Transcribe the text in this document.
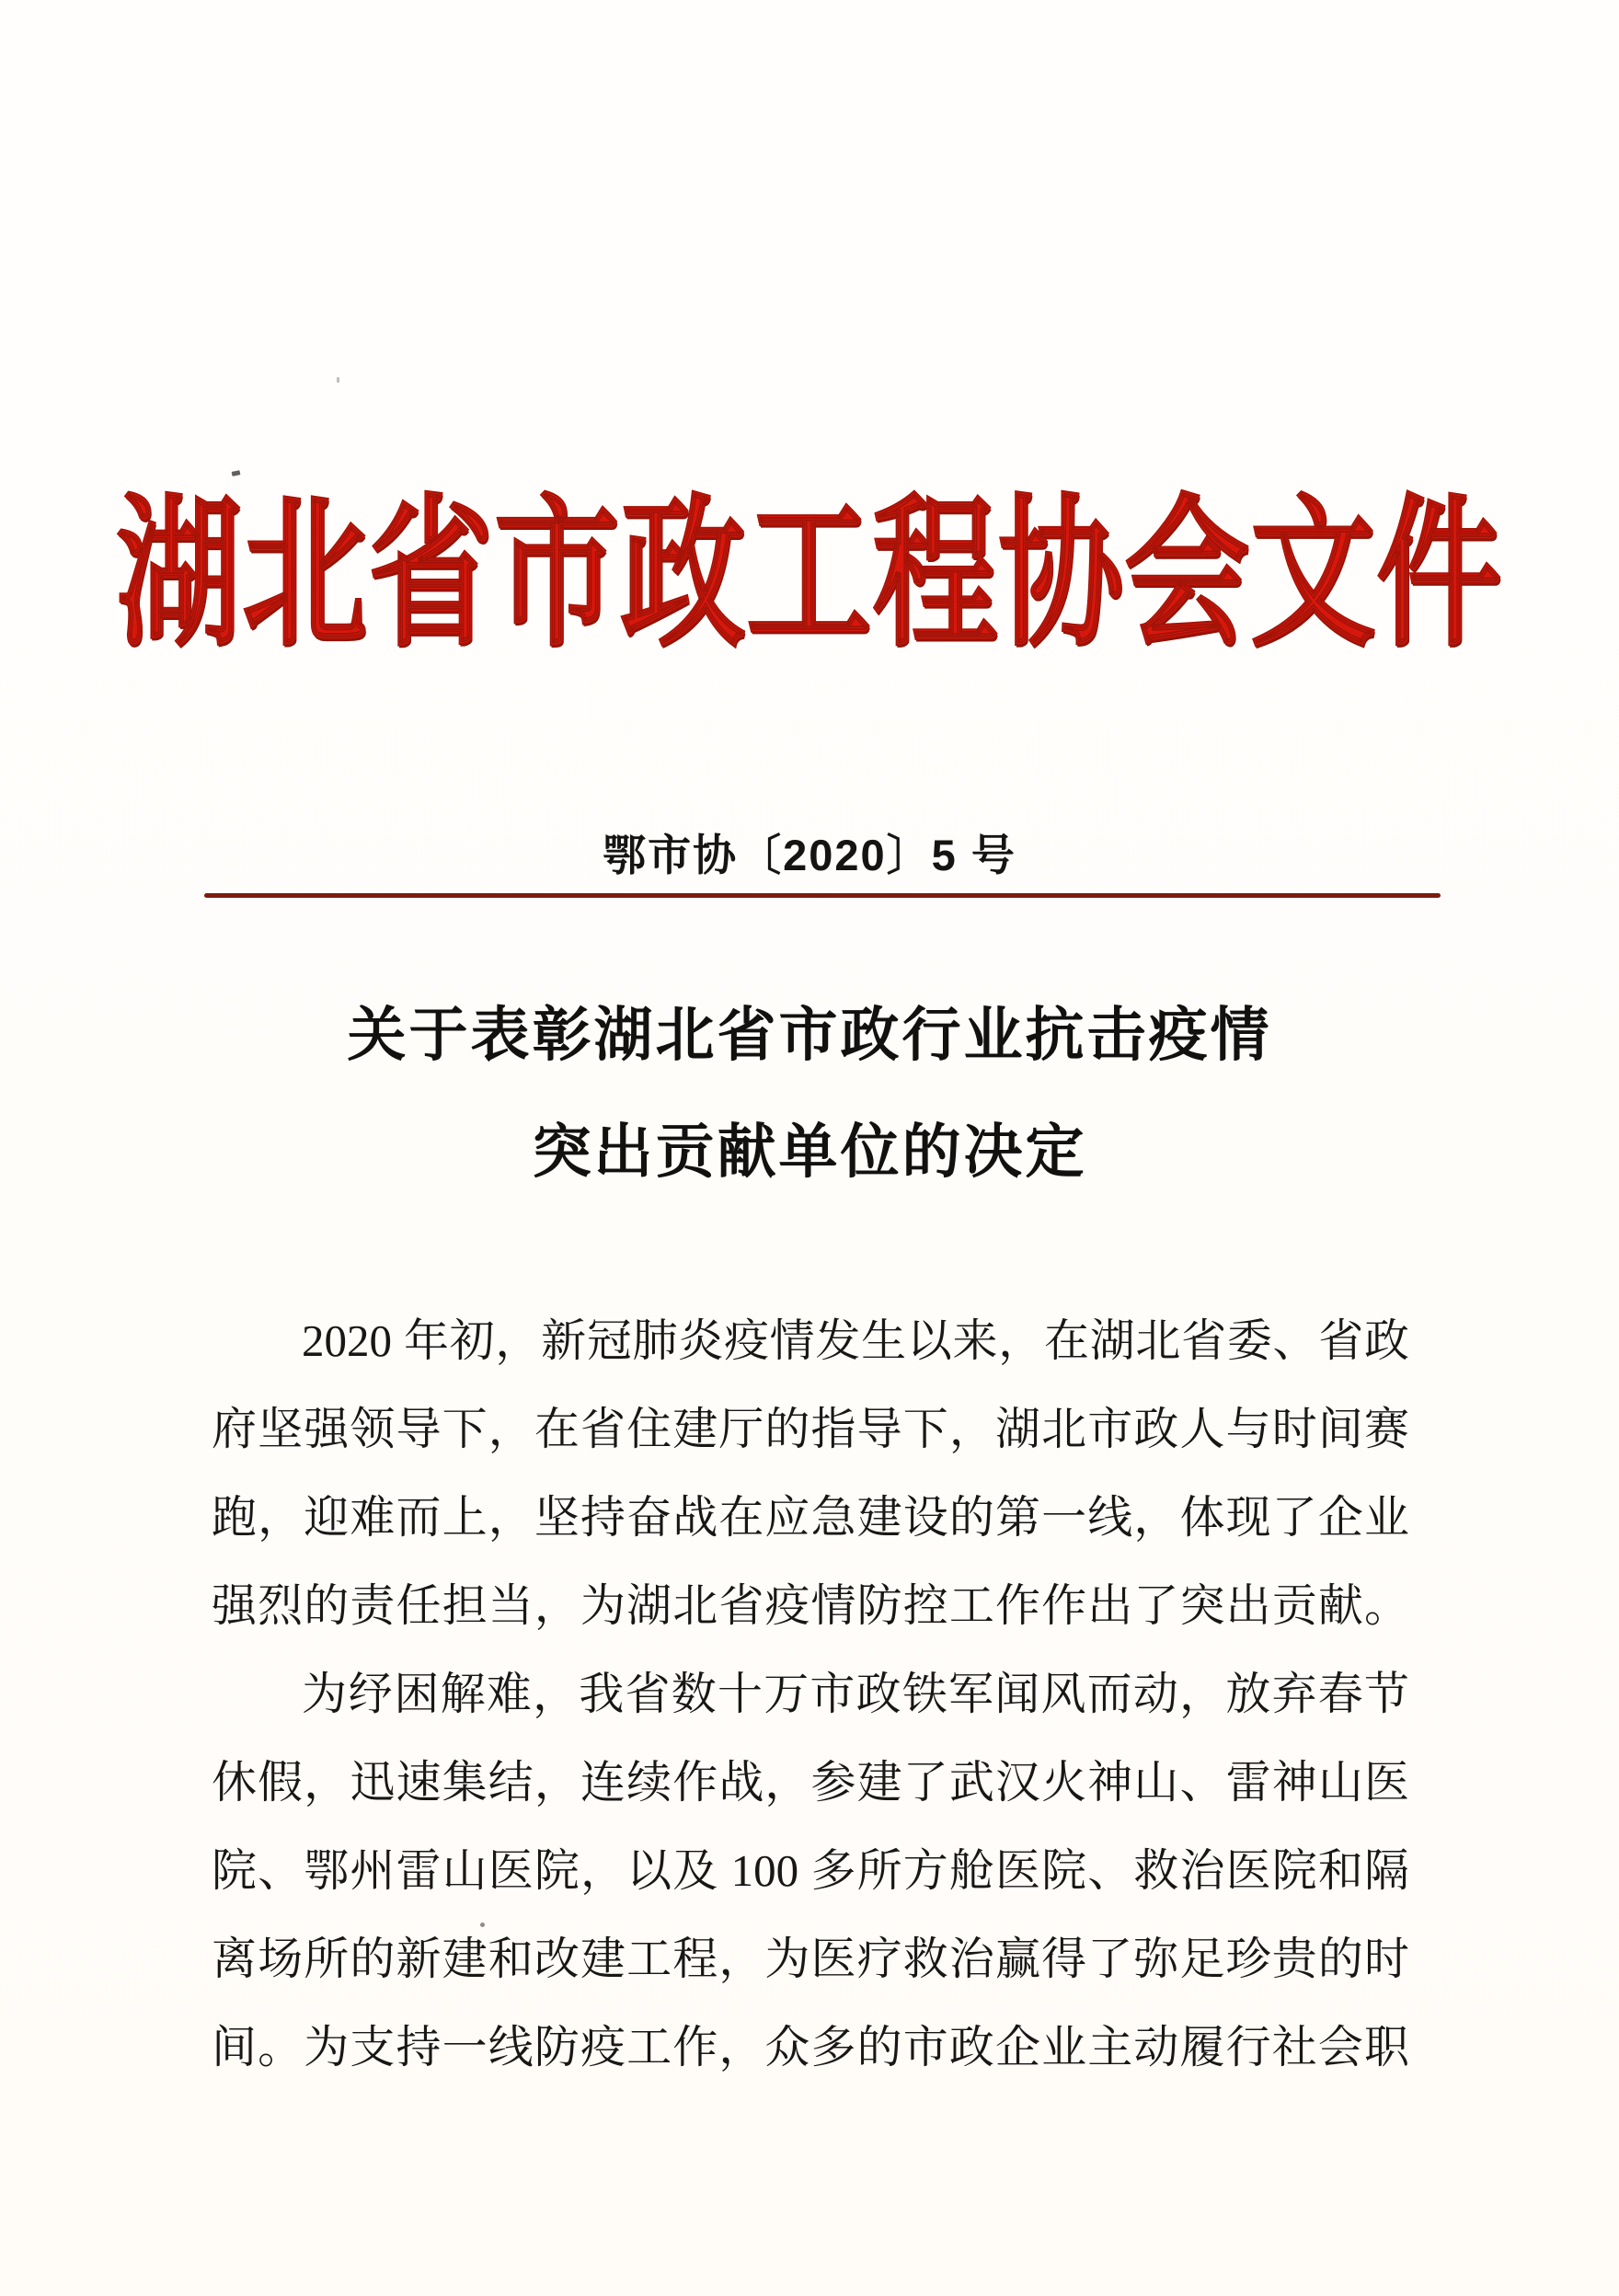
湖北省市政工程协会文件
鄂市协〔2020〕5 号
关于表彰湖北省市政行业抗击疫情
突出贡献单位的决定
2020 年初，新冠肺炎疫情发生以来，在湖北省委、省政
府坚强领导下，在省住建厅的指导下，湖北市政人与时间赛
跑，迎难而上，坚持奋战在应急建设的第一线，体现了企业
强烈的责任担当，为湖北省疫情防控工作作出了突出贡献。
为纾困解难，我省数十万市政铁军闻风而动，放弃春节
休假，迅速集结，连续作战，参建了武汉火神山、雷神山医
院、鄂州雷山医院，以及 100 多所方舱医院、救治医院和隔
离场所的新建和改建工程，为医疗救治赢得了弥足珍贵的时
间。为支持一线防疫工作，众多的市政企业主动履行社会职
